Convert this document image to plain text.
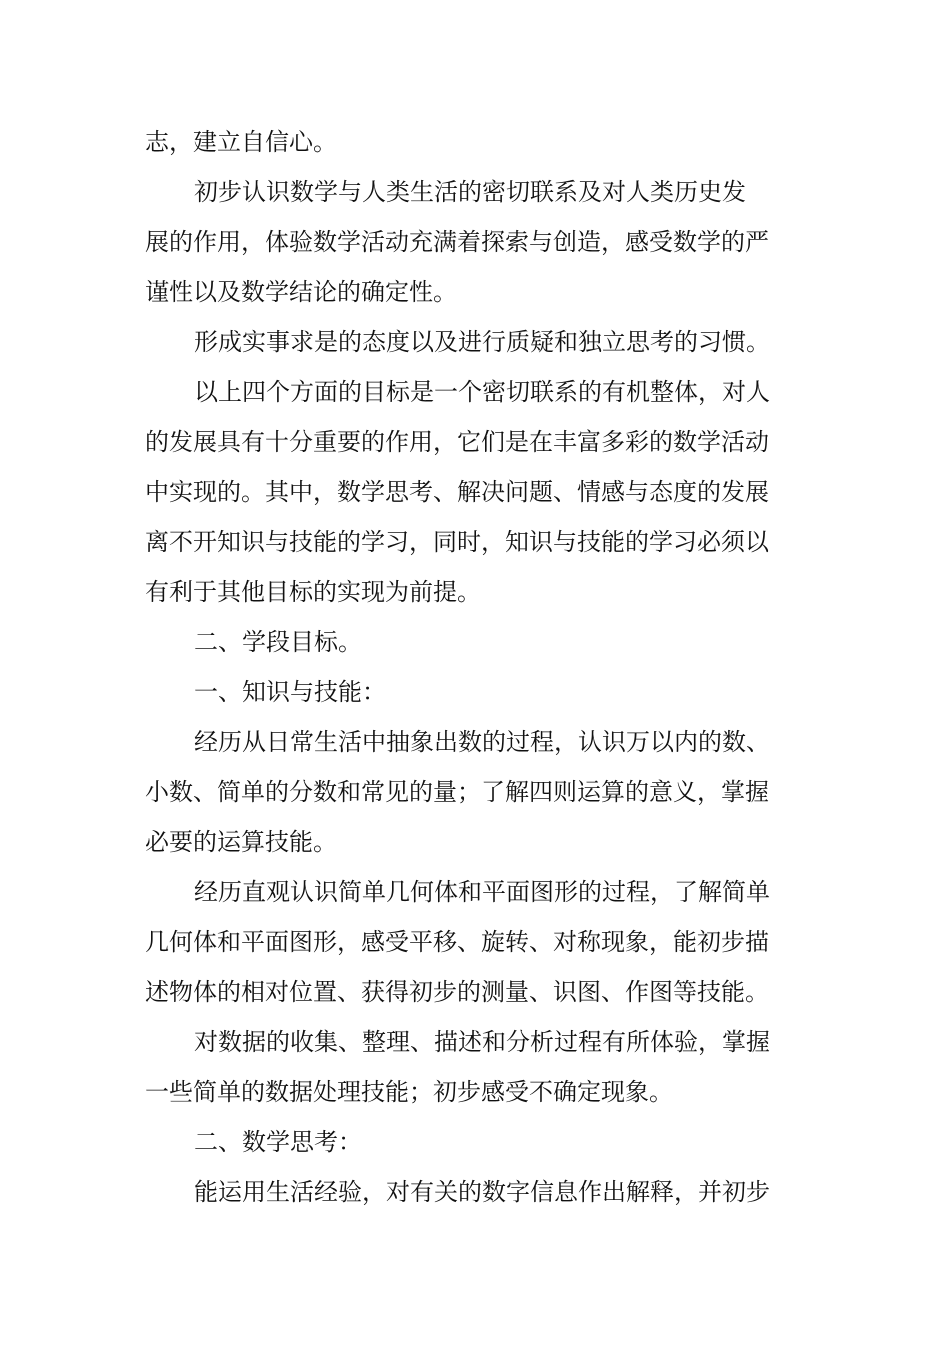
志，建立自信心。
初步认识数学与人类生活的密切联系及对人类历史发
展的作用，体验数学活动充满着探索与创造，感受数学的严
谨性以及数学结论的确定性。
形成实事求是的态度以及进行质疑和独立思考的习惯。
以上四个方面的目标是一个密切联系的有机整体，对人
的发展具有十分重要的作用，它们是在丰富多彩的数学活动
中实现的。其中，数学思考、解决问题、情感与态度的发展
离不开知识与技能的学习，同时，知识与技能的学习必须以
有利于其他目标的实现为前提。
二、学段目标。
一、知识与技能：
经历从日常生活中抽象出数的过程，认识万以内的数、
小数、简单的分数和常见的量；了解四则运算的意义，掌握
必要的运算技能。
经历直观认识简单几何体和平面图形的过程，了解简单
几何体和平面图形，感受平移、旋转、对称现象，能初步描
述物体的相对位置、获得初步的测量、识图、作图等技能。
对数据的收集、整理、描述和分析过程有所体验，掌握
一些简单的数据处理技能；初步感受不确定现象。
二、数学思考：
能运用生活经验，对有关的数字信息作出解释，并初步
